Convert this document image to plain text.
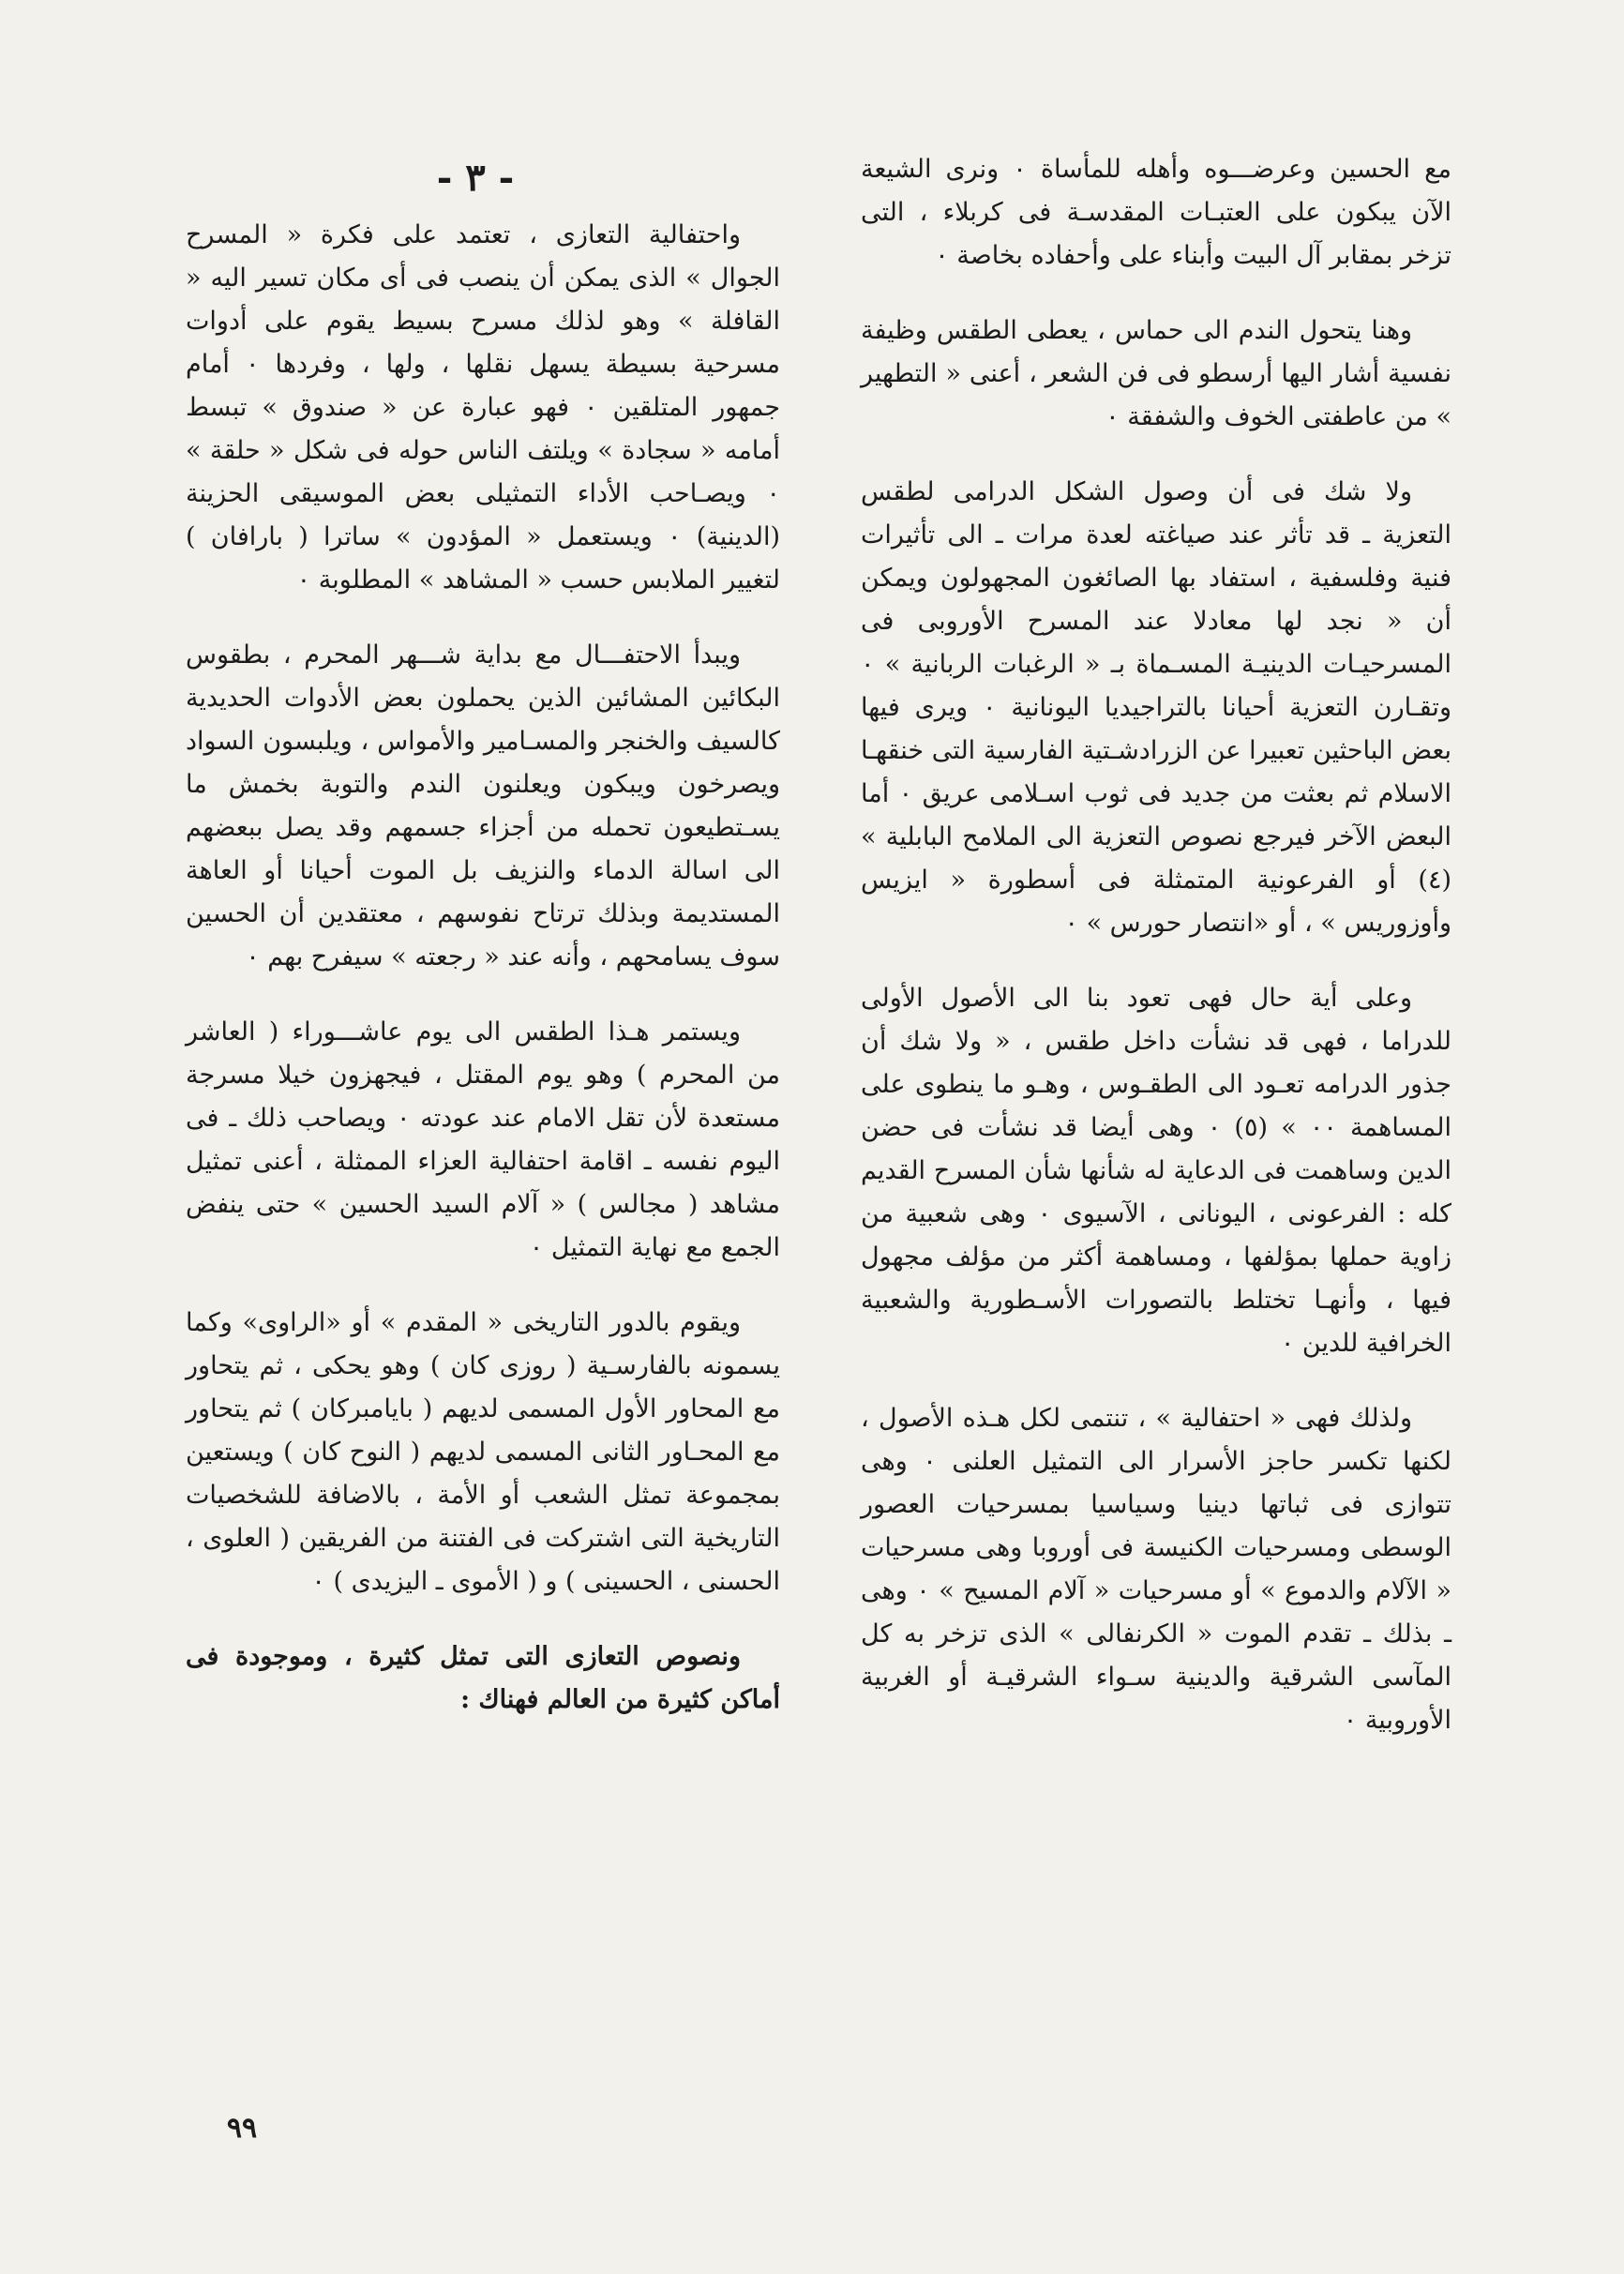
- ٣ -	مع الحسين وعرضـــوه وأهله للمأساة ٠ ونرى الشيعة الآن يبكون على العتبـات المقدسـة فى كربلاء ، التى تزخر بمقابر آل البيت وأبناء على وأحفاده بخاصة ٠

وهنا يتحول الندم الى حماس ، يعطى الطقس وظيفة نفسية أشار اليها أرسطو فى فن الشعر ، أعنى « التطهير » من عاطفتى الخوف والشفقة ٠

ولا شك فى أن وصول الشكل الدرامى لطقس التعزية ـ قد تأثر عند صياغته لعدة مرات ـ الى تأثيرات فنية وفلسفية ، استفاد بها الصائغون المجهولون ويمكن أن « نجد لها معادلا عند المسرح الأوروبى فى المسرحيـات الدينيـة المسـماة بـ « الرغبات الربانية » ٠ وتقـارن التعزية أحيانا بالتراجيديا اليونانية ٠ ويرى فيها بعض الباحثين تعبيرا عن الزرادشـتية الفارسية التى خنقهـا الاسلام ثم بعثت من جديد فى ثوب اسـلامى عريق ٠ أما البعض الآخر فيرجع نصوص التعزية الى الملامح البابلية » (٤) أو الفرعونية المتمثلة فى أسطورة « ايزيس وأوزوريس » ، أو «انتصار حورس » ٠

وعلى أية حال فهى تعود بنا الى الأصول الأولى للدراما ، فهى قد نشأت داخل طقس ، « ولا شك أن جذور الدرامه تعـود الى الطقـوس ، وهـو ما ينطوى على المساهمة ٠٠ » (٥) ٠ وهى أيضا قد نشأت فى حضن الدين وساهمت فى الدعاية له شأنها شأن المسرح القديم كله : الفرعونى ، اليونانى ، الآسيوى ٠ وهى شعبية من زاوية حملها بمؤلفها ، ومساهمة أكثر من مؤلف مجهول فيها ، وأنهـا تختلط بالتصورات الأسـطورية والشعبية الخرافية للدين ٠

ولذلك فهى « احتفالية » ، تنتمى لكل هـذه الأصول ، لكنها تكسر حاجز الأسرار الى التمثيل العلنى ٠ وهى تتوازى فى ثباتها دينيا وسياسيا بمسرحيات العصور الوسطى ومسرحيات الكنيسة فى أوروبا وهى مسرحيات « الآلام والدموع » أو مسرحيات « آلام المسيح » ٠ وهى ـ بذلك ـ تقدم الموت « الكرنفالى » الذى تزخر به كل المآسى الشرقية والدينية سـواء الشرقيـة أو الغربية الأوروبية ٠

واحتفالية التعازى ، تعتمد على فكرة « المسرح الجوال » الذى يمكن أن ينصب فى أى مكان تسير اليه « القافلة » وهو لذلك مسرح بسيط يقوم على أدوات مسرحية بسيطة يسهل نقلها ، ولها ، وفردها ٠ أمام جمهور المتلقين ٠ فهو عبارة عن « صندوق » تبسط أمامه « سجادة » ويلتف الناس حوله فى شكل « حلقة » ٠ ويصـاحب الأداء التمثيلى بعض الموسيقى الحزينة (الدينية) ٠ ويستعمل « المؤدون » ساترا ( بارافان ) لتغيير الملابس حسب « المشاهد » المطلوبة ٠

ويبدأ الاحتفـــال مع بداية شـــهر المحرم ، بطقوس البكائين المشائين الذين يحملون بعض الأدوات الحديدية كالسيف والخنجر والمسـامير والأمواس ، ويلبسون السواد ويصرخون ويبكون ويعلنون الندم والتوبة بخمش ما يسـتطيعون تحمله من أجزاء جسمهم وقد يصل ببعضهم الى اسالة الدماء والنزيف بل الموت أحيانا أو العاهة المستديمة وبذلك ترتاح نفوسهم ، معتقدين أن الحسين سوف يسامحهم ، وأنه عند « رجعته » سيفرح بهم ٠

ويستمر هـذا الطقس الى يوم عاشـــوراء ( العاشر من المحرم ) وهو يوم المقتل ، فيجهزون خيلا مسرجة مستعدة لأن تقل الامام عند عودته ٠ ويصاحب ذلك ـ فى اليوم نفسه ـ اقامة احتفالية العزاء الممثلة ، أعنى تمثيل مشاهد ( مجالس ) « آلام السيد الحسين » حتى ينفض الجمع مع نهاية التمثيل ٠

ويقوم بالدور التاريخى « المقدم » أو «الراوى» وكما يسمونه بالفارسـية ( روزى كان ) وهو يحكى ، ثم يتحاور مع المحاور الأول المسمى لديهم ( بايامبركان ) ثم يتحاور مع المحـاور الثانى المسمى لديهم ( النوح كان ) ويستعين بمجموعة تمثل الشعب أو الأمة ، بالاضافة للشخصيات التاريخية التى اشتركت فى الفتنة من الفريقين ( العلوى ، الحسنى ، الحسينى ) و ( الأموى ـ اليزيدى ) ٠

ونصوص التعازى التى تمثل كثيرة ، وموجودة فى أماكن كثيرة من العالم فهناك :

٩٩
